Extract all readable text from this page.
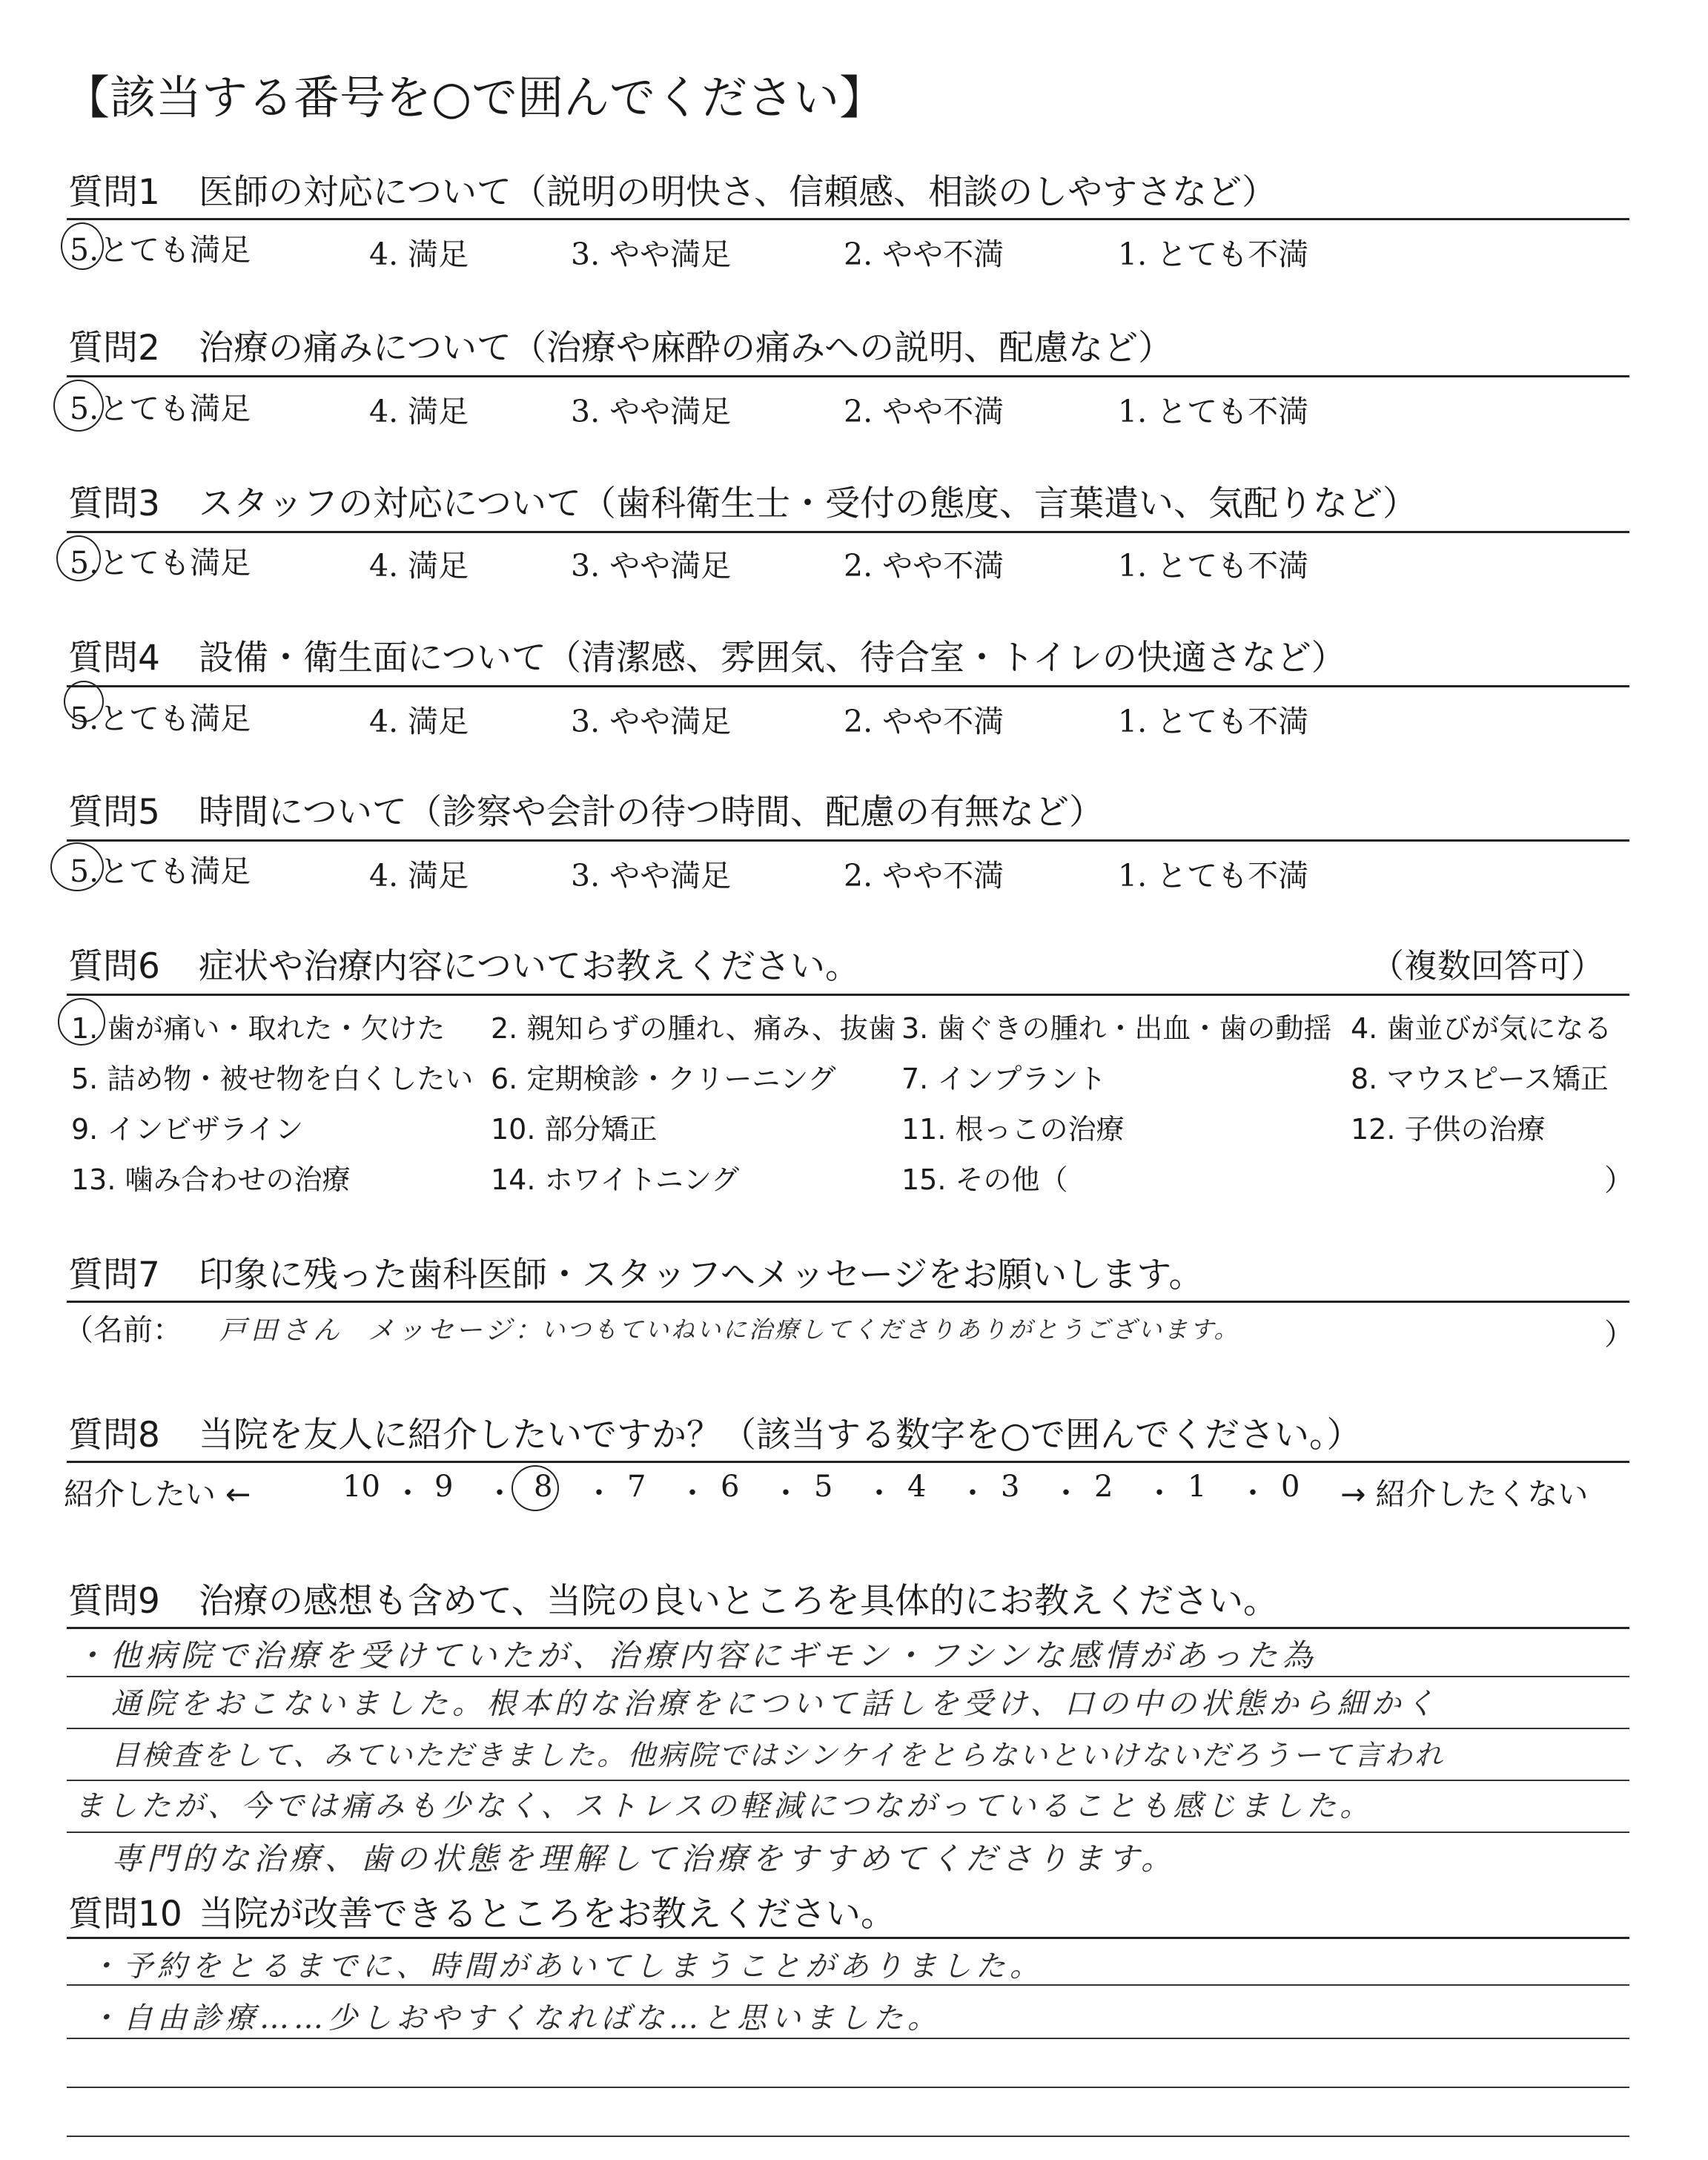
【該当する番号を○で囲んでください】
質問1 医師の対応について（説明の明快さ、信頼感、相談のしやすさなど）
5.とても満足	4. 満足	3. やや満足	2. やや不満	1. とても不満
質問2 治療の痛みについて（治療や麻酔の痛みへの説明、配慮など）
5.とても満足	4. 満足	3. やや満足	2. やや不満	1. とても不満
質問3 スタッフの対応について（歯科衛生士・受付の態度、言葉遣い、気配りなど）
5.とても満足	4. 満足	3. やや満足	2. やや不満	1. とても不満
質問4 設備・衛生面について（清潔感、雰囲気、待合室・トイレの快適さなど）
5.とても満足	4. 満足	3. やや満足	2. やや不満	1. とても不満
質問5 時間について（診察や会計の待つ時間、配慮の有無など）
5.とても満足	4. 満足	3. やや満足	2. やや不満	1. とても不満
質問6 症状や治療内容についてお教えください。	（複数回答可）
1. 歯が痛い・取れた・欠けた 2. 親知らずの腫れ、痛み、抜歯 3. 歯ぐきの腫れ・出血・歯の動揺 4. 歯並びが気になる
5. 詰め物・被せ物を白くしたい 6. 定期検診・クリーニング 7. インプラント	8. マウスピース矯正
9. インビザライン	10. 部分矯正	11. 根っこの治療	12. 子供の治療
13. 噛み合わせの治療	14. ホワイトニング	15. その他（	）
質問7 印象に残った歯科医師・スタッフへメッセージをお願いします。
（名前： 戸田さん メッセージ：
いつもていねいに治療してくださりありがとうございます。	）
質問8 当院を友人に紹介したいですか？（該当する数字を○で囲んでください。）
紹介したい ←	10 ・ 9 ・ 8 ・ 7 ・ 6 ・ 5 ・ 4 ・ 3 ・ 2 ・ 1 ・ 0 → 紹介したくない
質問9 治療の感想も含めて、当院の良いところを具体的にお教えください。
・他病院で治療を受けていたが、治療内容にギモン・フシンな感情があった為
通院をおこないました。根本的な治療をについて話しを受け、口の中の状態から細かく
目検査をして、みていただきました。他病院ではシンケイをとらないといけないだろうーて言われ
ましたが、今では痛みも少なく、ストレスの軽減につながっていることも感じました。
専門的な治療、歯の状態を理解して治療をすすめてくださります。
質問10 当院が改善できるところをお教えください。
・予約をとるまでに、時間があいてしまうことがありました。
・自由診療……少しおやすくなればな…と思いました。
